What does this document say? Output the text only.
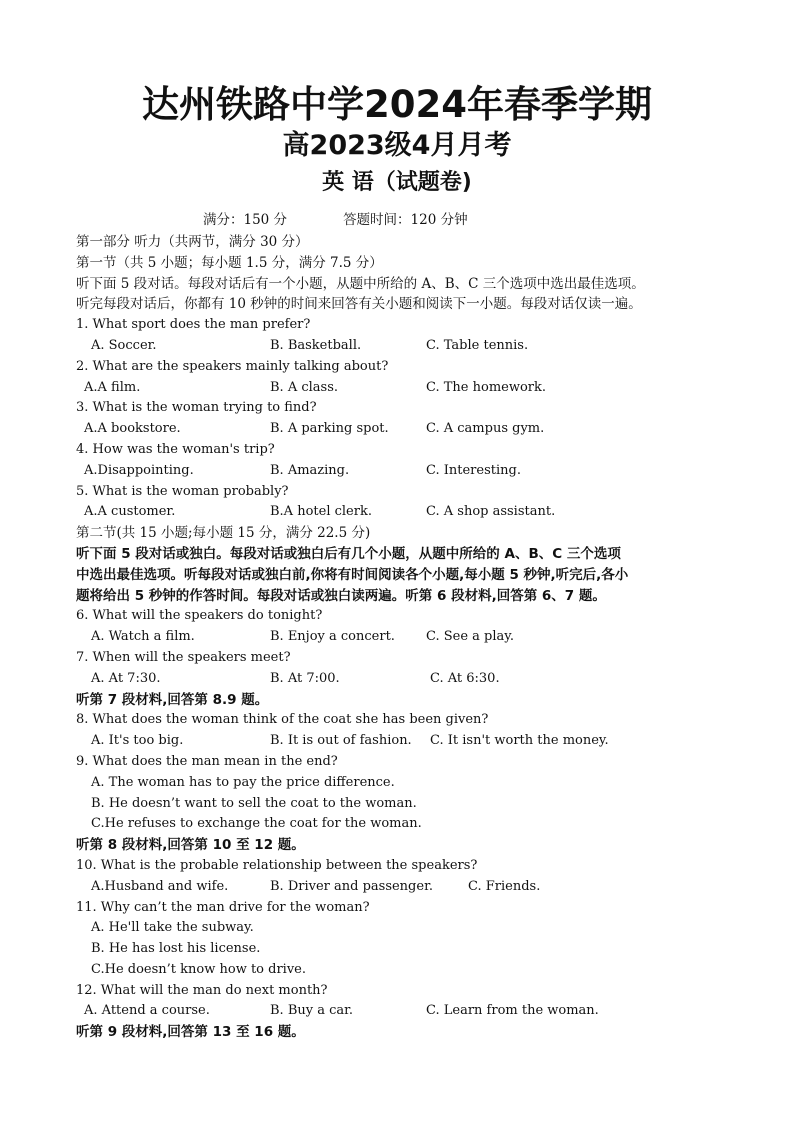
达州铁路中学2024年春季学期
高2023级4月月考
英 语（试题卷)
满分：150 分	答题时间：120 分钟
第一部分 听力（共两节，满分 30 分）
第一节（共 5 小题；每小题 1.5 分，满分 7.5 分）
听下面 5 段对话。每段对话后有一个小题，从题中所给的 A、B、C 三个选项中选出最佳选项。
听完每段对话后，你都有 10 秒钟的时间来回答有关小题和阅读下一小题。每段对话仅读一遍。
1. What sport does the man prefer?
A. Soccer.	B. Basketball.	C. Table tennis.
2. What are the speakers mainly talking about?
A.A film.	B. A class.	C. The homework.
3. What is the woman trying to find?
A.A bookstore.	B. A parking spot.	C. A campus gym.
4. How was the woman's trip?
A.Disappointing.	B. Amazing.	C. Interesting.
5. What is the woman probably?
A.A customer.	B.A hotel clerk.	C. A shop assistant.
第二节(共 15 小题;每小题 15 分，满分 22.5 分)
听下面 5 段对话或独白。每段对话或独白后有几个小题，从题中所给的 A、B、C 三个选项
中选出最佳选项。听每段对话或独白前,你将有时间阅读各个小题,每小题 5 秒钟,听完后,各小
题将给出 5 秒钟的作答时间。每段对话或独白读两遍。听第 6 段材料,回答第 6、7 题。
6. What will the speakers do tonight?
A. Watch a film.	B. Enjoy a concert. C. See a play.
7. When will the speakers meet?
A. At 7:30.	B. At 7:00.	C. At 6:30.
听第 7 段材料,回答第 8.9 题。
8. What does the woman think of the coat she has been given?
A. It's too big.	B. It is out of fashion. C. It isn't worth the money.
9. What does the man mean in the end?
A. The woman has to pay the price difference.
B. He doesn’t want to sell the coat to the woman.
C.He refuses to exchange the coat for the woman.
听第 8 段材料,回答第 10 至 12 题。
10. What is the probable relationship between the speakers?
A.Husband and wife.	B. Driver and passenger.	C. Friends.
11. Why can’t the man drive for the woman?
A. He'll take the subway.
B. He has lost his license.
C.He doesn’t know how to drive.
12. What will the man do next month?
A. Attend a course.	B. Buy a car.	C. Learn from the woman.
听第 9 段材料,回答第 13 至 16 题。
